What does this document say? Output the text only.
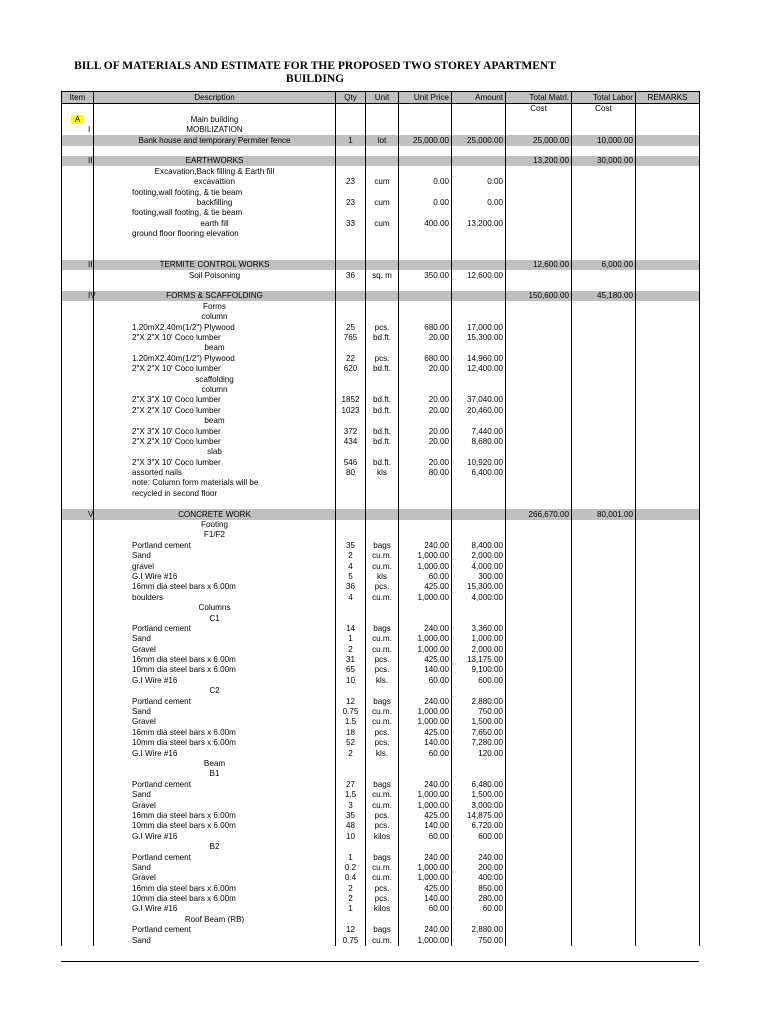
BILL OF MATERIALS AND ESTIMATE FOR THE PROPOSED TWO STOREY APARTMENT BUILDING
Item	Description	Qty	Unit	Unit Price	Amount	Total Matrl.	Total Labor	REMARKS
						Cost	Cost	
A	Main building							
I	MOBILIZATION							
	Bank house and temporary Permiter fence	1	lot	25,000.00	25,000.00	25,000.00	10,000.00	

II	EARTHWORKS					13,200.00	30,000.00	
	Excavation,Back filling & Earth fill							
	excavattion	23	cum	0.00	0.00			
	footing,wall footing, & tie beam							
	backfilling	23	cum	0.00	0.00			
	footing,wall footing, & tie beam							
	earth fill	33	cum	400.00	13,200.00			
	ground floor flooring elevation							

III	TERMITE CONTROL WORKS					12,600.00	6,000.00	
	Soil Poisoning	36	sq. m	350.00	12,600.00			

IV	FORMS & SCAFFOLDING					150,600.00	45,180.00	
	Forms							
	column							
	1.20mX2.40m(1/2") Plywood	25	pcs.	680.00	17,000.00			
	2"X 2"X 10' Coco lumber	765	bd.ft.	20.00	15,300.00			
	beam							
	1.20mX2.40m(1/2") Plywood	22	pcs.	680.00	14,960.00			
	2"X 2"X 10' Coco lumber	620	bd.ft.	20.00	12,400.00			
	scaffolding							
	column							
	2"X 3"X 10' Coco lumber	1852	bd.ft.	20.00	37,040.00			
	2"X 2"X 10' Coco lumber	1023	bd.ft.	20.00	20,460.00			
	beam							
	2"X 3"X 10' Coco lumber	372	bd.ft.	20.00	7,440.00			
	2"X 2"X 10' Coco lumber	434	bd.ft.	20.00	8,680.00			
	slab							
	2"X 3"X 10' Coco lumber	546	bd.ft.	20.00	10,920.00			
	assorted nails	80	kls	80.00	6,400.00			
	note: Column form materials will be							
	recycled in second floor							

V	CONCRETE WORK					266,670.00	80,001.00	
	Footing							
	F1/F2							
	Portland cement	35	bags	240.00	8,400.00			
	Sand	2	cu.m.	1,000.00	2,000.00			
	gravel	4	cu.m.	1,000.00	4,000.00			
	G.I Wire #16	5	kls	60.00	300.00			
	16mm dia steel bars x 6.00m	36	pcs.	425.00	15,300.00			
	boulders	4	cu.m.	1,000.00	4,000.00			
	Columns							
	C1							
	Portland cement	14	bags	240.00	3,360.00			
	Sand	1	cu.m.	1,000.00	1,000.00			
	Gravel	2	cu.m.	1,000.00	2,000.00			
	16mm dia steel bars x 6.00m	31	pcs.	425.00	13,175.00			
	10mm dia steel bars x 6.00m	65	pcs.	140.00	9,100.00			
	G.I Wire #16	10	kls.	60.00	600.00			
	C2							
	Portland cement	12	bags	240.00	2,880.00			
	Sand	0.75	cu.m.	1,000.00	750.00			
	Gravel	1.5	cu.m.	1,000.00	1,500.00			
	16mm dia steel bars x 6.00m	18	pcs.	425.00	7,650.00			
	10mm dia steel bars x 6.00m	52	pcs.	140.00	7,280.00			
	G.I Wire #16	2	kls.	60.00	120.00			
	Beam							
	B1							
	Portland cement	27	bags	240.00	6,480.00			
	Sand	1.5	cu.m.	1,000.00	1,500.00			
	Gravel	3	cu.m.	1,000.00	3,000.00			
	16mm dia steel bars x 6.00m	35	pcs.	425.00	14,875.00			
	10mm dia steel bars x 6.00m	48	pcs.	140.00	6,720.00			
	G.I Wire #16	10	kilos	60.00	600.00			
	B2							
	Portland cement	1	bags	240.00	240.00			
	Sand	0.2	cu.m.	1,000.00	200.00			
	Gravel	0.4	cu.m.	1,000.00	400.00			
	16mm dia steel bars x 6.00m	2	pcs.	425.00	850.00			
	10mm dia steel bars x 6.00m	2	pcs.	140.00	280.00			
	G.I Wire #16	1	kilos	60.00	60.00			
	Roof Beam (RB)							
	Portland cement	12	bags	240.00	2,880.00			
	Sand	0.75	cu.m.	1,000.00	750.00			
